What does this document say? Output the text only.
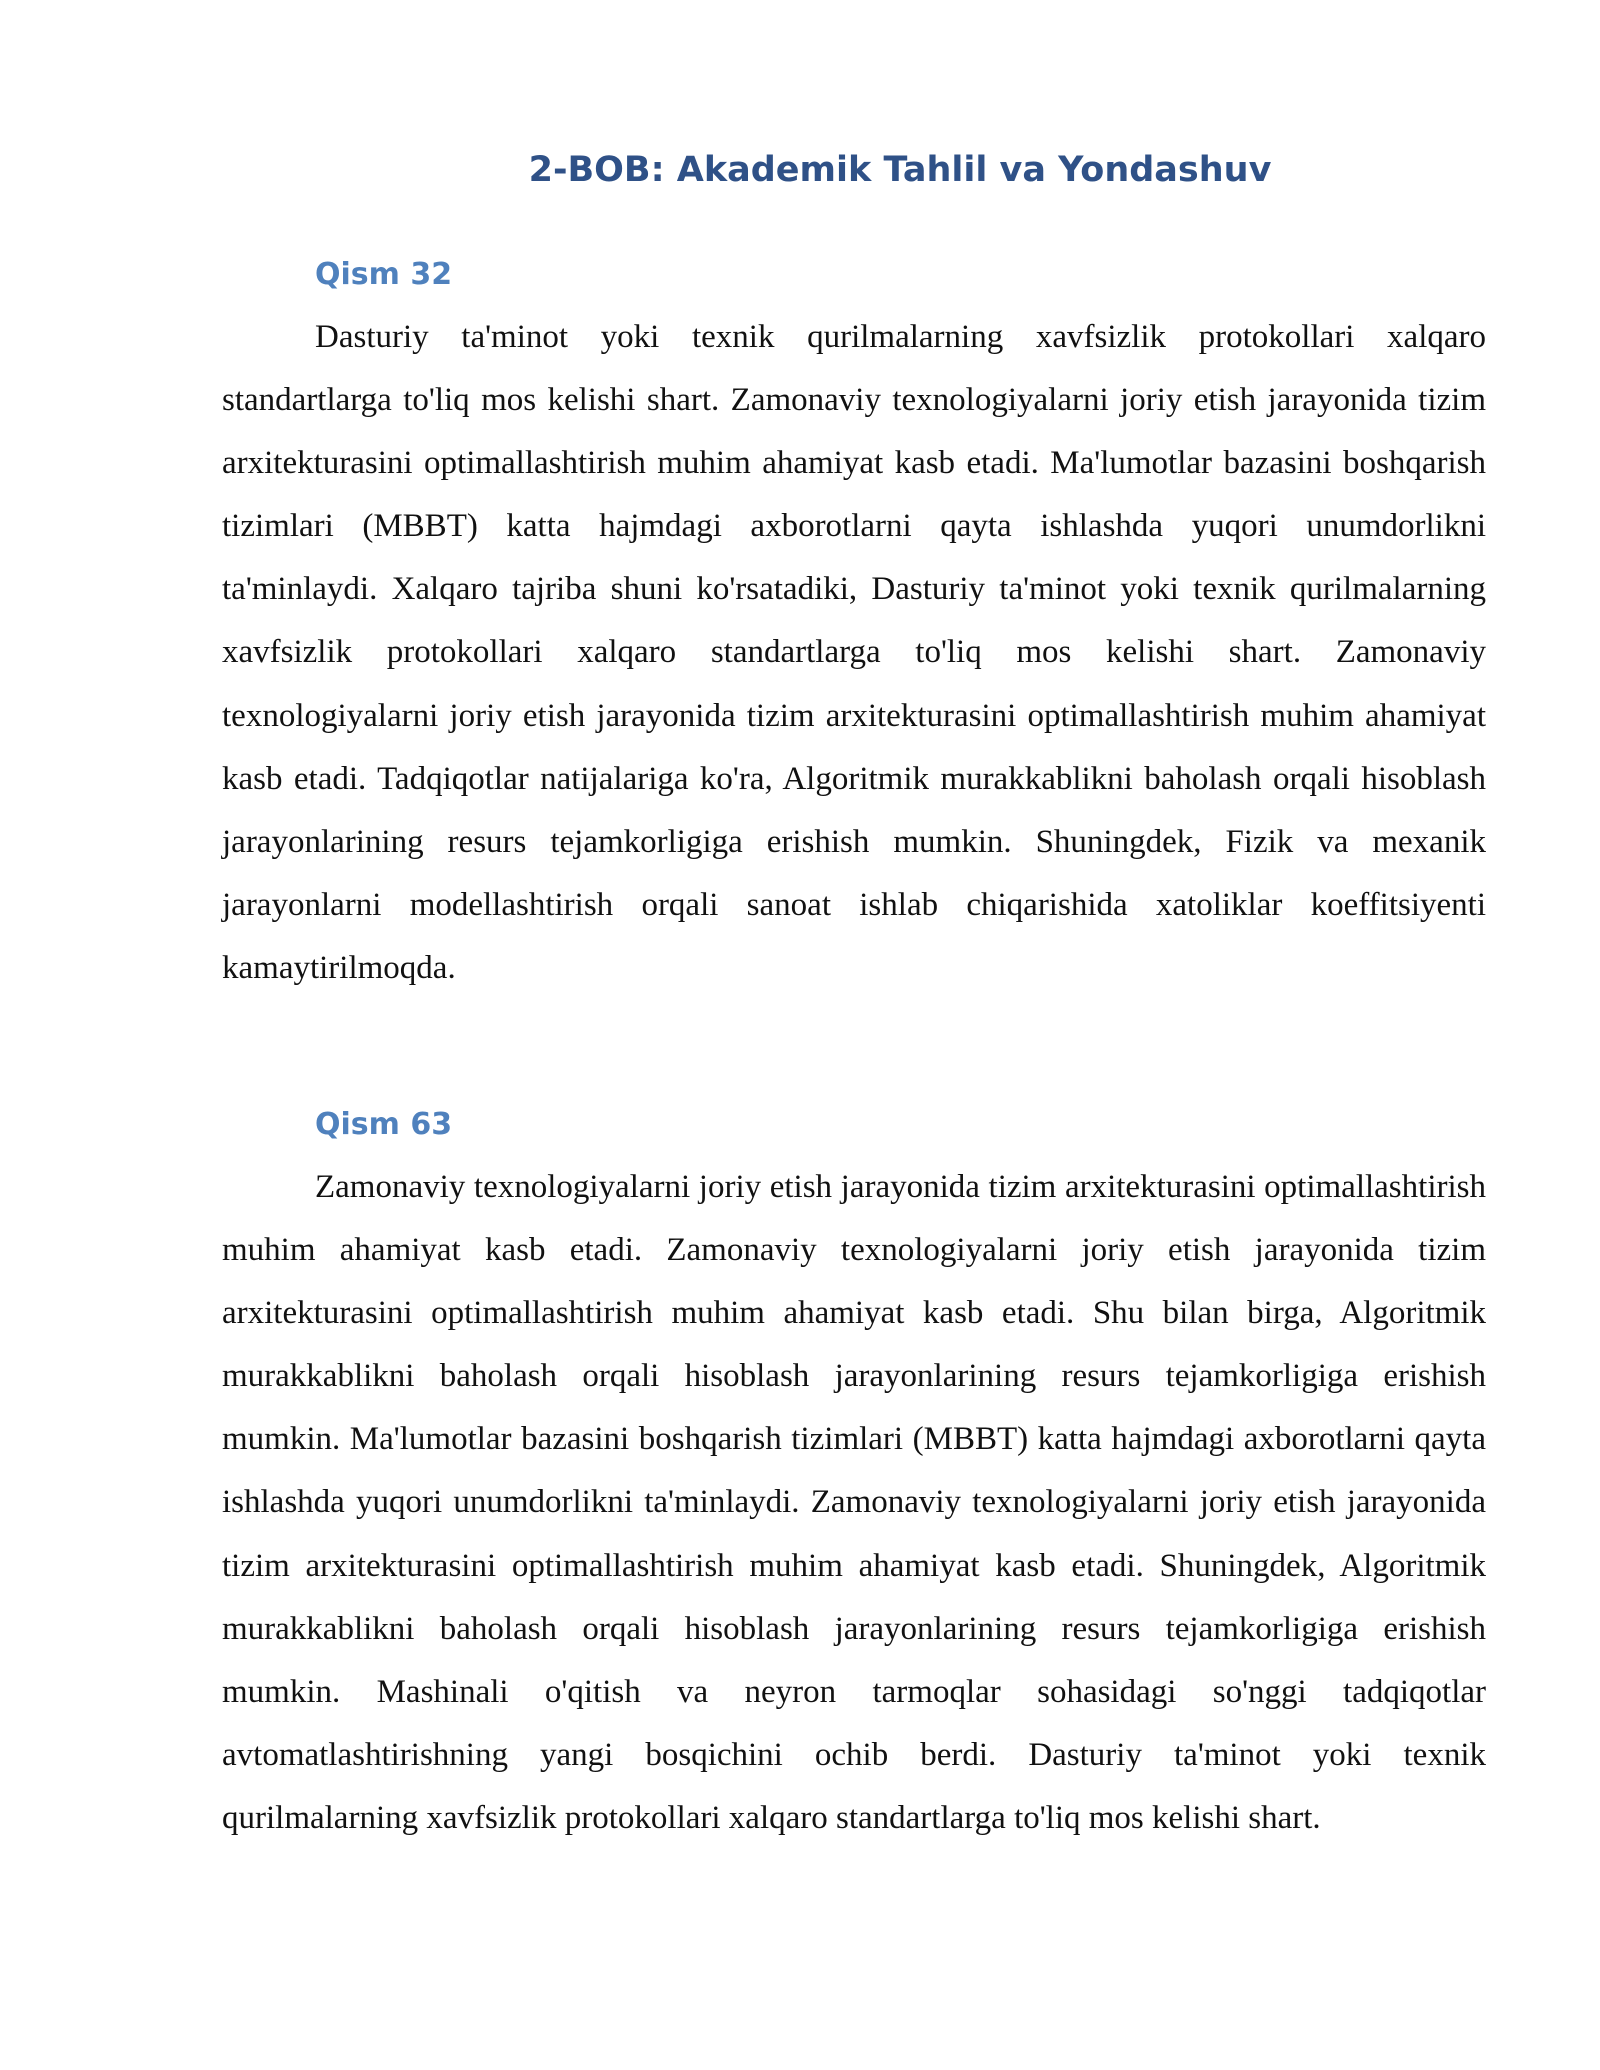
2-BOB: Akademik Tahlil va Yondashuv
Qism 32

Dasturiy ta'minot yoki texnik qurilmalarning xavfsizlik protokollari xalqaro standartlarga to'liq mos kelishi shart. Zamonaviy texnologiyalarni joriy etish jarayonida tizim arxitekturasini optimallashtirish muhim ahamiyat kasb etadi. Ma'lumotlar bazasini boshqarish tizimlari (MBBT) katta hajmdagi axborotlarni qayta ishlashda yuqori unumdorlikni ta'minlaydi. Xalqaro tajriba shuni ko'rsatadiki, Dasturiy ta'minot yoki texnik qurilmalarning xavfsizlik protokollari xalqaro standartlarga to'liq mos kelishi shart. Zamonaviy texnologiyalarni joriy etish jarayonida tizim arxitekturasini optimallashtirish muhim ahamiyat kasb etadi. Tadqiqotlar natijalariga ko'ra, Algoritmik murakkablikni baholash orqali hisoblash jarayonlarining resurs tejamkorligiga erishish mumkin. Shuningdek, Fizik va mexanik jarayonlarni modellashtirish orqali sanoat ishlab chiqarishida xatoliklar koeffitsiyenti kamaytirilmoqda.

Qism 63

Zamonaviy texnologiyalarni joriy etish jarayonida tizim arxitekturasini optimallashtirish muhim ahamiyat kasb etadi. Zamonaviy texnologiyalarni joriy etish jarayonida tizim arxitekturasini optimallashtirish muhim ahamiyat kasb etadi. Shu bilan birga, Algoritmik murakkablikni baholash orqali hisoblash jarayonlarining resurs tejamkorligiga erishish mumkin. Ma'lumotlar bazasini boshqarish tizimlari (MBBT) katta hajmdagi axborotlarni qayta ishlashda yuqori unumdorlikni ta'minlaydi. Zamonaviy texnologiyalarni joriy etish jarayonida tizim arxitekturasini optimallashtirish muhim ahamiyat kasb etadi. Shuningdek, Algoritmik murakkablikni baholash orqali hisoblash jarayonlarining resurs tejamkorligiga erishish mumkin. Mashinali o'qitish va neyron tarmoqlar sohasidagi so'nggi tadqiqotlar avtomatlashtirishning yangi bosqichini ochib berdi. Dasturiy ta'minot yoki texnik qurilmalarning xavfsizlik protokollari xalqaro standartlarga to'liq mos kelishi shart.
